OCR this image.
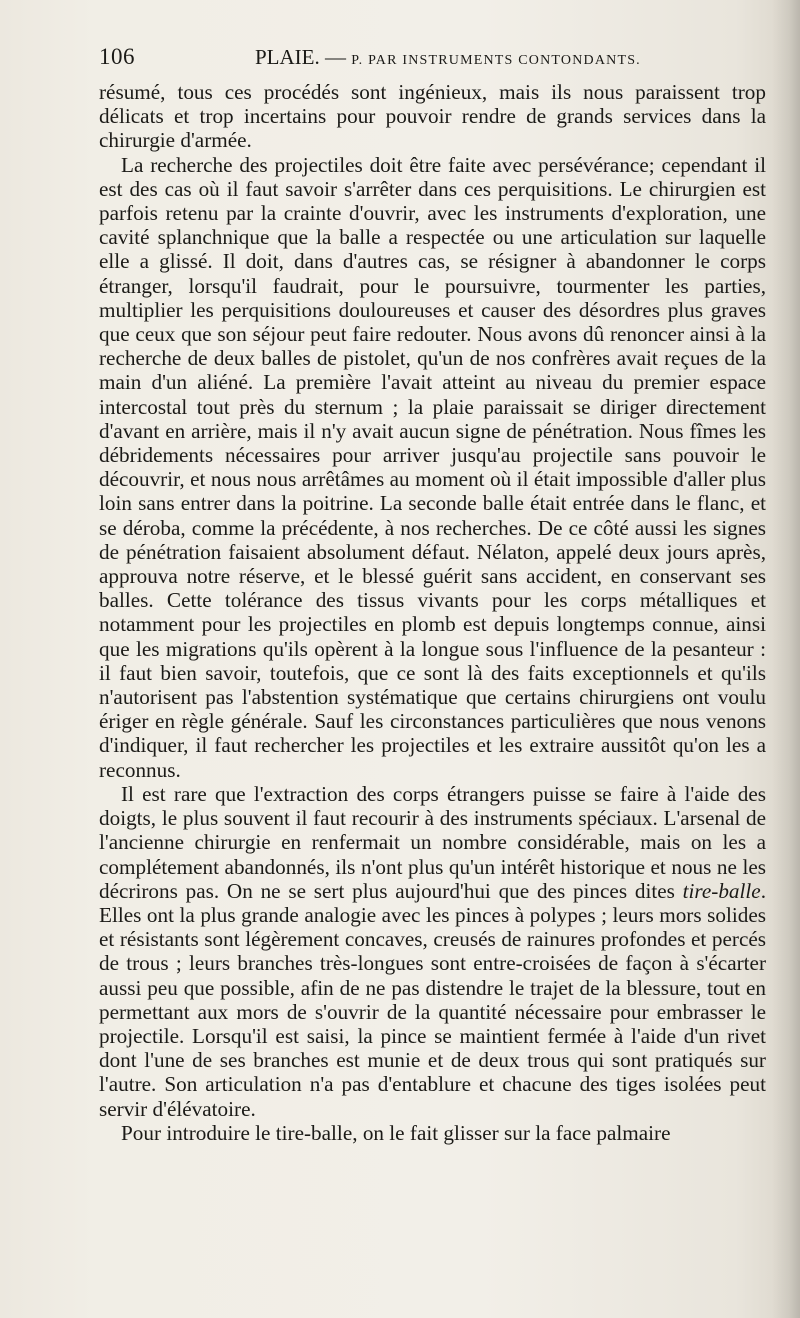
106	PLAIE. — P. PAR INSTRUMENTS CONTONDANTS.

résumé, tous ces procédés sont ingénieux, mais ils nous paraissent trop délicats et trop incertains pour pouvoir rendre de grands services dans la chirurgie d'armée.

La recherche des projectiles doit être faite avec persévérance; cependant il est des cas où il faut savoir s'arrêter dans ces perquisitions. Le chirurgien est parfois retenu par la crainte d'ouvrir, avec les instruments d'exploration, une cavité splanchnique que la balle a respectée ou une articulation sur laquelle elle a glissé. Il doit, dans d'autres cas, se résigner à abandonner le corps étranger, lorsqu'il faudrait, pour le poursuivre, tourmenter les parties, multiplier les perquisitions douloureuses et causer des désordres plus graves que ceux que son séjour peut faire redouter. Nous avons dû renoncer ainsi à la recherche de deux balles de pistolet, qu'un de nos confrères avait reçues de la main d'un aliéné. La première l'avait atteint au niveau du premier espace intercostal tout près du sternum ; la plaie paraissait se diriger directement d'avant en arrière, mais il n'y avait aucun signe de pénétration. Nous fîmes les débridements nécessaires pour arriver jusqu'au projectile sans pouvoir le découvrir, et nous nous arrêtâmes au moment où il était impossible d'aller plus loin sans entrer dans la poitrine. La seconde balle était entrée dans le flanc, et se déroba, comme la précédente, à nos recherches. De ce côté aussi les signes de pénétration faisaient absolument défaut. Nélaton, appelé deux jours après, approuva notre réserve, et le blessé guérit sans accident, en conservant ses balles. Cette tolérance des tissus vivants pour les corps métalliques et notamment pour les projectiles en plomb est depuis longtemps connue, ainsi que les migrations qu'ils opèrent à la longue sous l'influence de la pesanteur : il faut bien savoir, toutefois, que ce sont là des faits exceptionnels et qu'ils n'autorisent pas l'abstention systématique que certains chirurgiens ont voulu ériger en règle générale. Sauf les circonstances particulières que nous venons d'indiquer, il faut rechercher les projectiles et les extraire aussitôt qu'on les a reconnus.

Il est rare que l'extraction des corps étrangers puisse se faire à l'aide des doigts, le plus souvent il faut recourir à des instruments spéciaux. L'arsenal de l'ancienne chirurgie en renfermait un nombre considérable, mais on les a complétement abandonnés, ils n'ont plus qu'un intérêt historique et nous ne les décrirons pas. On ne se sert plus aujourd'hui que des pinces dites tire-balle. Elles ont la plus grande analogie avec les pinces à polypes ; leurs mors solides et résistants sont légèrement concaves, creusés de rainures profondes et percés de trous ; leurs branches très-longues sont entre-croisées de façon à s'écarter aussi peu que possible, afin de ne pas distendre le trajet de la blessure, tout en permettant aux mors de s'ouvrir de la quantité nécessaire pour embrasser le projectile. Lorsqu'il est saisi, la pince se maintient fermée à l'aide d'un rivet dont l'une de ses branches est munie et de deux trous qui sont pratiqués sur l'autre. Son articulation n'a pas d'entablure et chacune des tiges isolées peut servir d'élévatoire.

Pour introduire le tire-balle, on le fait glisser sur la face palmaire
